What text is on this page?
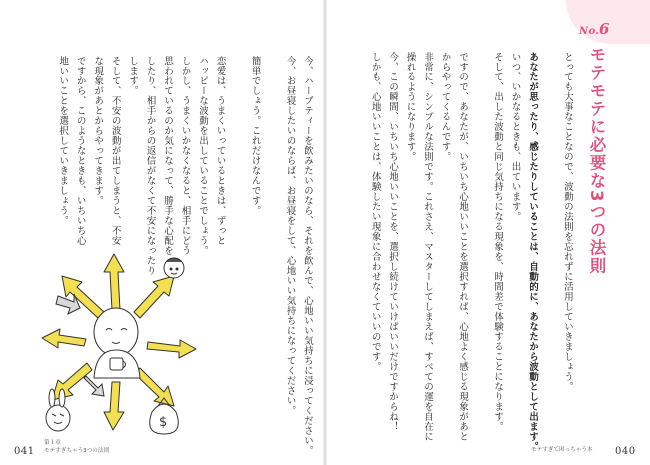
No.6
モテモテに必要な3つの法則

とっても大事なことなので、波動の法則を忘れずに活用していきましょう。

あなたが思ったり、感じたりしていることは、自動的に、あなたから波動として出ます。

いつ、いかなるときも、出ています。

そして、出した波動と同じ気持ちになる現象を、時間差で体験することになります。

ですので、あなたが、いちいち心地いいことを選択すれば、心地よく感じる現象があと

からやってくるんです。

非常に、シンプルな法則です。これさえ、マスターしてしまえば、すべての運を自在に

操れるようになります。

今、この瞬間、いちいち心地いいことを、選択し続けていけばいいだけですからね！

しかも、心地いいことは、体験したい現象に合わせなくていいのです。

040
モテすぎて困っちゃう本

今、ハーブティーを飲みたいのなら、それを飲んで、心地いい気持ちに浸ってください。

今、お昼寝したいのならば、お昼寝をして、心地いい気持ちになってください。

簡単でしょう。これだけなんです。

恋愛は、うまくいっているときは、ずっと

ハッピーな波動を出していることでしょう。

しかし、うまくいかなくなると、相手にどう

思われているのか気になって、勝手な心配を

したり、相手からの返信がなくて不安になったり

します。

そして、不安の波動が出てしまうと、不安

な現象があとからやってきます。

ですから、このようなときも、いちいち心

地いいことを選択していきましょう。

$
041
第１章
モテすぎちゃう3つの法則
